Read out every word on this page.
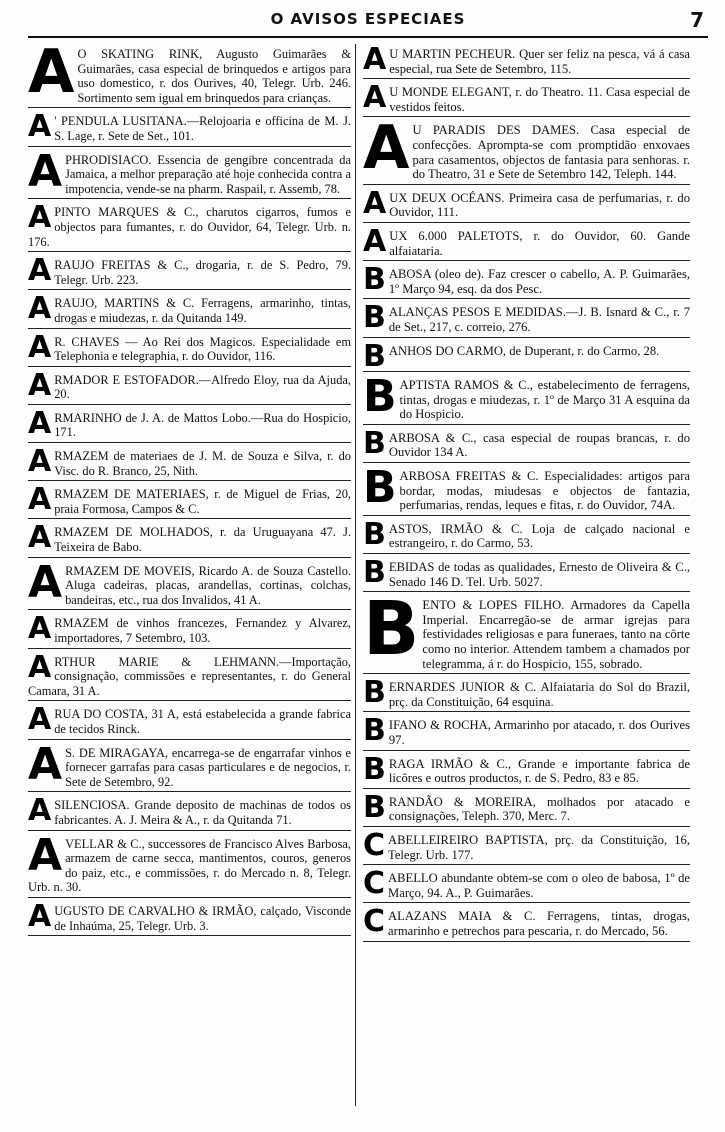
O AVISOS ESPECIAES	7
A O SKATING RINK, Augusto Guimarães & Guimarães, casa especial de brinquedos e artigos para uso domestico, r. dos Ourives, 40, Telegr. Urb. 246. Sortimento sem igual em brinquedos para crianças.
A ' PENDULA LUSITANA.—Relojoaria e officina de M. J. S. Lage, r. Sete de Set., 101.
APHRODISIACO. Essencia de gengibre concentrada da Jamaica, a melhor preparação até hoje conhecida contra a impotencia, vende-se na pharm. Raspail, r. Assemb, 78.
APINTO MARQUES & C., charutos cigarros, fumos e objectos para fumantes, r. do Ouvidor, 64, Telegr. Urb. n. 176.
ARAUJO FREITAS & C., drogaria, r. de S. Pedro, 79. Telegr. Urb. 223.
ARAUJO, MARTINS & C. Ferragens, armarinho, tintas, drogas e miudezas, r. da Quitanda 149.
A R. CHAVES — Ao Rei dos Magicos. Especialidade em Telephonia e telegraphia, r. do Ouvidor, 116.
ARMADOR E ESTOFADOR.—Alfredo Eloy, rua da Ajuda, 20.
ARMARINHO de J. A. de Mattos Lobo.—Rua do Hospicio, 171.
ARMAZEM de materiaes de J. M. de Souza e Silva, r. do Visc. do R. Branco, 25, Nith.
ARMAZEM DE MATERIAES, r. de Miguel de Frias, 20, praia Formosa, Campos & C.
ARMAZEM DE MOLHADOS, r. da Uruguayana 47. J. Teixeira de Babo.
ARMAZEM DE MOVEIS, Ricardo A. de Souza Castello. Aluga cadeiras, placas, arandellas, cortinas, colchas, bandeiras, etc., rua dos Invalidos, 41 A.
ARMAZEM de vinhos francezes, Fernandez y Alvarez, importadores, 7 Setembro, 103.
ARTHUR MARIE & LEHMANN.—Importação, consignação, commissões e representantes, r. do General Camara, 31 A.
ARUA DO COSTA, 31 A, está estabelecida a grande fabrica de tecidos Rinck.
A S. DE MIRAGAYA, encarrega-se de engarrafar vinhos e fornecer garrafas para casas particulares e de negocios, r. Sete de Setembro, 92.
ASILENCIOSA. Grande deposito de machinas de todos os fabricantes. A. J. Meira & A., r. da Quitanda 71.
AVELLAR & C., successores de Francisco Alves Barbosa, armazem de carne secca, mantimentos, couros, generos do paiz, etc., e commissões, r. do Mercado n. 8, Telegr. Urb. n. 30.
AUGUSTO DE CARVALHO & IRMÃO, calçado, Visconde de Inhaúma, 25, Telegr. Urb. 3.
A U MARTIN PECHEUR. Quer ser feliz na pesca, vá á casa especial, rua Sete de Setembro, 115.
A U MONDE ELEGANT, r. do Theatro. 11. Casa especial de vestidos feitos.
A U PARADIS DES DAMES. Casa especial de confecções. Aprompta-se com promptidão enxovaes para casamentos, objectos de fantasia para senhoras. r. do Theatro, 31 e Sete de Setembro 142, Teleph. 144.
AUX DEUX OCÉANS. Primeira casa de perfumarias, r. do Ouvidor, 111.
AUX 6.000 PALETOTS, r. do Ouvidor, 60. Gande alfaiataria.
BABOSA (oleo de). Faz crescer o cabello, A. P. Guimarães, 1º Março 94, esq. da dos Pesc.
BALANÇAS PESOS E MEDIDAS.—J. B. Isnard & C., r. 7 de Set., 217, c. correio, 276.
BANHOS DO CARMO, de Duperant, r. do Carmo, 28.
BAPTISTA RAMOS & C., estabelecimento de ferragens, tintas, drogas e miudezas, r. 1º de Março 31 A esquina da do Hospicio.
BARBOSA & C., casa especial de roupas brancas, r. do Ouvidor 134 A.
BARBOSA FREITAS & C. Especialidades: artigos para bordar, modas, miudesas e objectos de fantazia, perfumarias, rendas, leques e fitas, r. do Ouvidor, 74A.
BASTOS, IRMÃO & C. Loja de calçado nacional e estrangeiro, r. do Carmo, 53.
BEBIDAS de todas as qualidades, Ernesto de Oliveira & C., Senado 146 D. Tel. Urb. 5027.
BENTO & LOPES FILHO. Armadores da Capella Imperial. Encarregão-se de armar igrejas para festividades religiosas e para funeraes, tanto na côrte como no interior. Attendem tambem a chamados por telegramma, á r. do Hospicio, 155, sobrado.
BERNARDES JUNIOR & C. Alfaiataria do Sol do Brazil, prç. da Constituição, 64 esquina.
BIFANO & ROCHA, Armarinho por atacado, r. dos Ourives 97.
BRAGA IRMÃO & C., Grande e importante fabrica de licôres e outros productos, r. de S. Pedro, 83 e 85.
BRANDÃO & MOREIRA, molhados por atacado e consignações, Teleph. 370, Merc. 7.
CABELLEIREIRO BAPTISTA, prç. da Constituição, 16, Telegr. Urb. 177.
CABELLO abundante obtem-se com o oleo de babosa, 1º de Março, 94. A., P. Guimarães.
CALAZANS MAIA & C. Ferragens, tintas, drogas, armarinho e petrechos para pescaria, r. do Mercado, 56.
